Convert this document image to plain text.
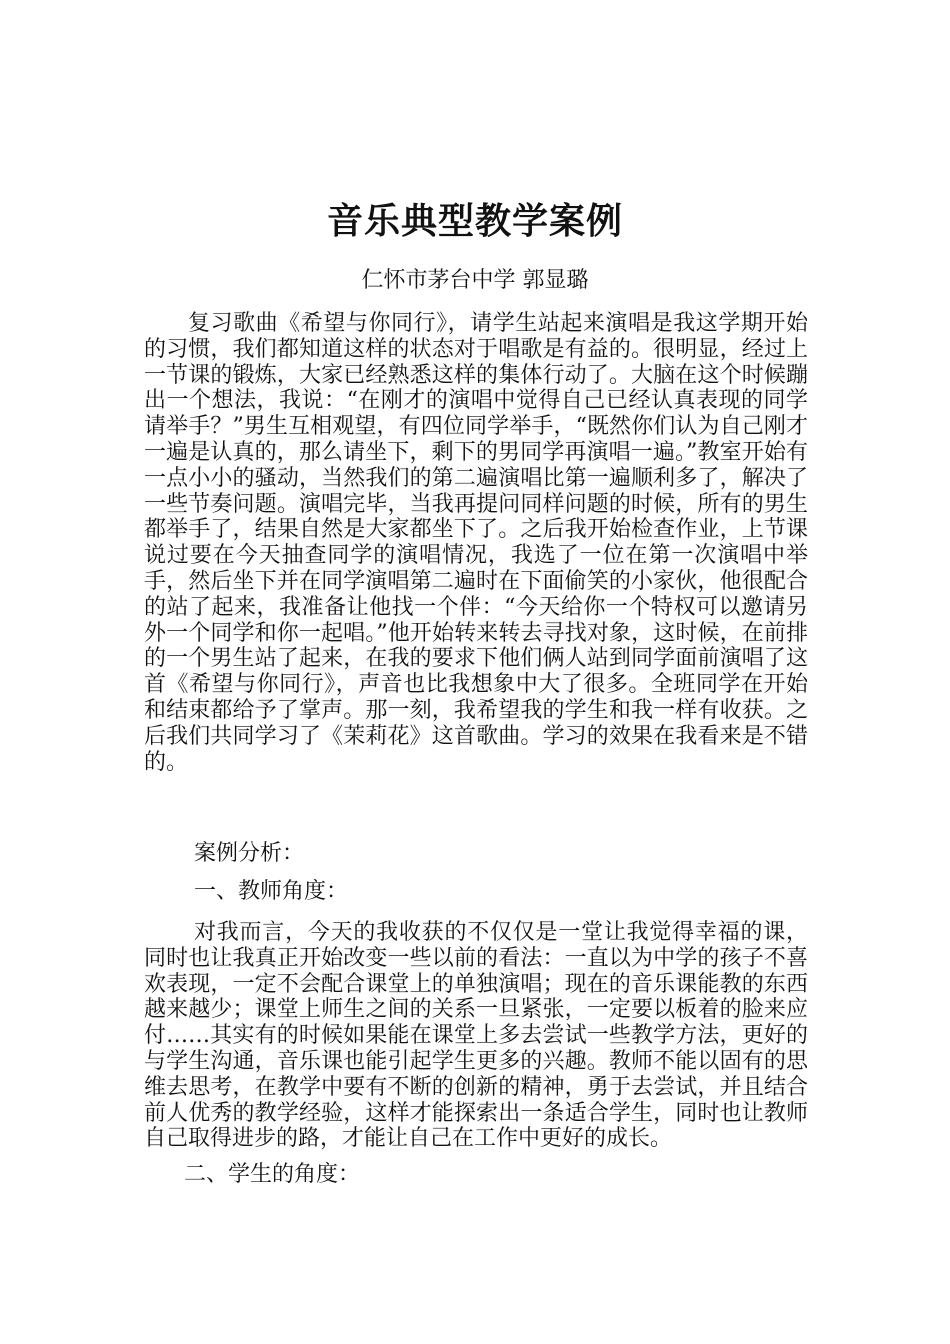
音乐典型教学案例

仁怀市茅台中学 郭显璐

复习歌曲《希望与你同行》，请学生站起来演唱是我这学期开始的习惯，我们都知道这样的状态对于唱歌是有益的。很明显，经过上一节课的锻炼，大家已经熟悉这样的集体行动了。大脑在这个时候蹦出一个想法，我说：“在刚才的演唱中觉得自己已经认真表现的同学请举手？”男生互相观望，有四位同学举手，“既然你们认为自己刚才一遍是认真的，那么请坐下，剩下的男同学再演唱一遍。”教室开始有一点小小的骚动，当然我们的第二遍演唱比第一遍顺利多了，解决了一些节奏问题。演唱完毕，当我再提问同样问题的时候，所有的男生都举手了，结果自然是大家都坐下了。之后我开始检查作业，上节课说过要在今天抽查同学的演唱情况，我选了一位在第一次演唱中举手，然后坐下并在同学演唱第二遍时在下面偷笑的小家伙，他很配合的站了起来，我准备让他找一个伴：“今天给你一个特权可以邀请另外一个同学和你一起唱。”他开始转来转去寻找对象，这时候，在前排的一个男生站了起来，在我的要求下他们俩人站到同学面前演唱了这首《希望与你同行》，声音也比我想象中大了很多。全班同学在开始和结束都给予了掌声。那一刻，我希望我的学生和我一样有收获。之后我们共同学习了《茉莉花》这首歌曲。学习的效果在我看来是不错的。

案例分析：

一、教师角度：

对我而言，今天的我收获的不仅仅是一堂让我觉得幸福的课，同时也让我真正开始改变一些以前的看法：一直以为中学的孩子不喜欢表现，一定不会配合课堂上的单独演唱；现在的音乐课能教的东西越来越少；课堂上师生之间的关系一旦紧张，一定要以板着的脸来应付……其实有的时候如果能在课堂上多去尝试一些教学方法，更好的与学生沟通，音乐课也能引起学生更多的兴趣。教师不能以固有的思维去思考，在教学中要有不断的创新的精神，勇于去尝试，并且结合前人优秀的教学经验，这样才能探索出一条适合学生，同时也让教师自己取得进步的路，才能让自己在工作中更好的成长。

二、学生的角度：
